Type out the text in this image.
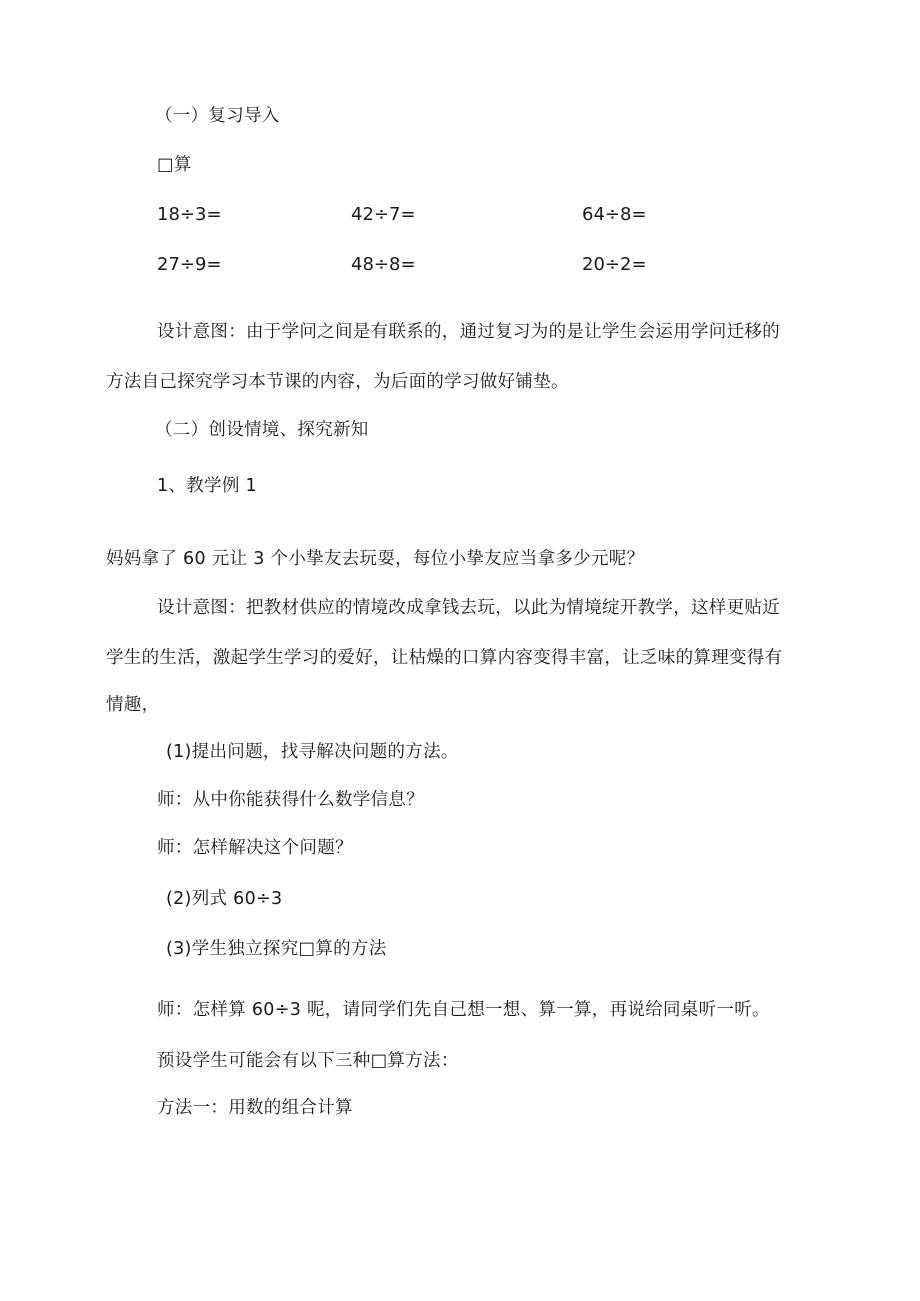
（一）复习导入
□算
18÷3=	42÷7=	64÷8=
27÷9=	48÷8=	20÷2=
设计意图：由于学问之间是有联系的，通过复习为的是让学生会运用学问迁移的
方法自己探究学习本节课的内容，为后面的学习做好铺垫。
（二）创设情境、探究新知
1、教学例 1
妈妈拿了 60 元让 3 个小挚友去玩耍，每位小挚友应当拿多少元呢？
设计意图：把教材供应的情境改成拿钱去玩，以此为情境绽开教学，这样更贴近
学生的生活，激起学生学习的爱好，让枯燥的口算内容变得丰富，让乏味的算理变得有
情趣，
(1)提出问题，找寻解决问题的方法。
师：从中你能获得什么数学信息？
师：怎样解决这个问题？
(2)列式 60÷3
(3)学生独立探究□算的方法
师：怎样算 60÷3 呢，请同学们先自己想一想、算一算，再说给同桌听一听。
预设学生可能会有以下三种□算方法：
方法一：用数的组合计算
